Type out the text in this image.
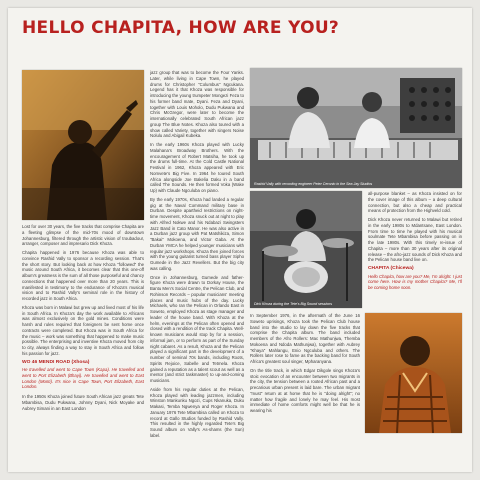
HELLO CHAPITA, HOW ARE YOU?
Rashid Vally with recording engineer Peter Ceronio in the Sea Jay Studios
Dick Khoza during the Tete's Big Sound sessions

Lost for over 30 years, the five tracks that comprise Chapita are a fleeting glimpse of the mid-70s mood of downtown Johannesburg, filtered through the artistic vision of troubadour, arranger, composer and impresario Dick Khoza.

Chapita happened in 1976 because Khoza was able to convince Rashid Vally to sponsor a recording session. That's the short story. But looking back at how Khoza "followed" the music around South Africa, it becomes clear that this one-off album's greatness is the sum of all those purposeful and chancy connections that happened over more than 20 years. This is manifested in testimony to the endurance of Khoza's musical vision and to Rashid Vally's seminal role in the history of recorded jazz in South Africa.

Khoza was born in Malawi but grew up and lived most of his life in South Africa. In Khoza's day the work available to Africans was almost exclusively on the gold mines. Conditions were harsh and rules required that foreigners be sent home once contracts were completed. But Khoza was in South Africa for the music – work was something that happened to make music possible. The enterprising and inventive Khoza moved from city to city, always finding a way to stay in South Africa and follow his passion for jazz.

WO 46 MENDI ROAD (Xhosa)

He travelled and went to Cape Town (Kapa). He travelled and went to Port Elizabeth (Bhayi). He travelled and went to East London (Monti). It's nice in Cape Town, Port Elizabeth, East London.

In the 1950s Khoza joined future South African jazz greats Tete Mbambisa, Dudu Pukwana, Johnny Dyani, Nick Moyake and Aubrey Simani in an East London

jazz group that was to become the Four Yanks. Later, while living in Cape Town, he played drums for Christopher "Columbus" Ngcukana. Legend has it that Khoza was responsible for introducing the young trumpeter Mongezi Feza to his former band mate, Dyani. Feza and Dyani, together with Louis Moholo, Dudu Pukwana and Chris McGregor, were later to become the internationally celebrated South African jazz group The Blue Notes. Khoza also toured with a show called Variety, together with singers Noise Nolulu and Abigail Kubeka.

In the early 1960s Khoza played with Lucky Malahana's Broadway Brothers. With the encouragement of Robert Matsiha, he took up the drums full-time. At the Cold Castle National Festival in 1962, Khoza appeared with Eric Nomvete's Big Five. In 1964 he toured South Africa alongside Joe Bakelia Daku in a band called The Sounds. He then formed Voka (Wake Up) with Claude Ngculuba on piano.

By the early 1970s, Khoza had landed a regular gig at the Naval Command military base in Durban. Despite apartheid restrictions on night-time movement, Khoza snuck out at night to play with Alfred Nokwe and his Ndabazi Swingsters Jazz Band in Cato Manor. He was also active in a Durban jazz group with Pat Matshikiza, Simon "Bakai" Mokoena, and Victor Gaba. At the Durban YMCA he helped younger musicians with regular jazz workshops. Khoza then joined forces with the young guitarist turned bass player Sipho Gumede in the Jazz Revellers. But the big city was calling.

Once in Johannesburg, Gumede and father-figure Khoza were drawn to Dorkay House, the Bantu Men's Social Centre, the Pelican Club, and Rohinson Records – popular musicians' meeting places and music hubs of the day. Lucky Michaels, who ran the Pelican in Orlando East in Soweto, employed Khoza as stage manager and leader of the house band. With Khoza at the helm, evenings at the Pelican often opened and closed with a rendition of the track Chapita. Well-known musicians would stop by for a session, informal jam, or to perform as part of the Sunday night cabaret. As a result, Khoza and the Pelican played a significant part in the development of a number of seminal 70s bands, including Roots, Spirits Rejoice, Sabelle and Tetmela. Khoza gained a reputation as a talent scout as well as a mentor (and strict taskmaster) to up-and-coming musicians.

Aside from his regular duties at the Pelican, Khoza played with leading jazzmen, including Winston Mankunku Ngozi, Cups Nkanuka, Duku Makasi, Temba Ngwenya and Roger Khoza. In January 1976 Tete Mbambisa called on Khoza to record at Gallo Studios funded by Rashid Vally. This resulted in the highly regarded Tete's Big Sound album on Vally's As-shams (the Sun) label.

all-purpose blanket – as Khoza insisted on for the cover image of this album – a deep cultural connection, but also a cheap and practical means of protection from the Highveld cold.

Dick Khoza never returned to Malawi but retired in the early 1980s to Mdantsane, East London. From time to time he played with his musical soulmate Tete Mbambisa before passing on in the late 1980s. With this timely re-issue of Chapita – more than 30 years after its original release – the afro-jazz sounds of Dick Khoza and the Pelican house band live on.

CHAPITA (Chicewa)

Hello Chapita, how are you? Me, I'm alright. I just come here. How is my mother Chapita? Me, I'll be coming home soon.

In September 1976, in the aftermath of the June 16 Soweto uprisings, Khoza took the Pelican Club house band into the studio to lay down the five tracks that comprise the Chapita album. The band included members of the Afro Rollers: Mac Mathunjwa, Themba Mokoena and Ndoda Mathunjwa), together with Aubrey "Khaya" Mahlangu, Enio Ngculuba and others. The Rollers later rose to fame as the backing band for South Africa's greatest soul singer, Mpharanyana.

On the title track, in which Edgar Dikgole sings Khoza's stoic evocation of an encounter between two migrants in the city, the tension between a rooted African past and a precarious urban present is laid bare. The urban migrant "must" return at at home that he is "doing alright"; no matter how fragile and lonely he may feel. His most immediate of home comforts might well be that he is wearing his
